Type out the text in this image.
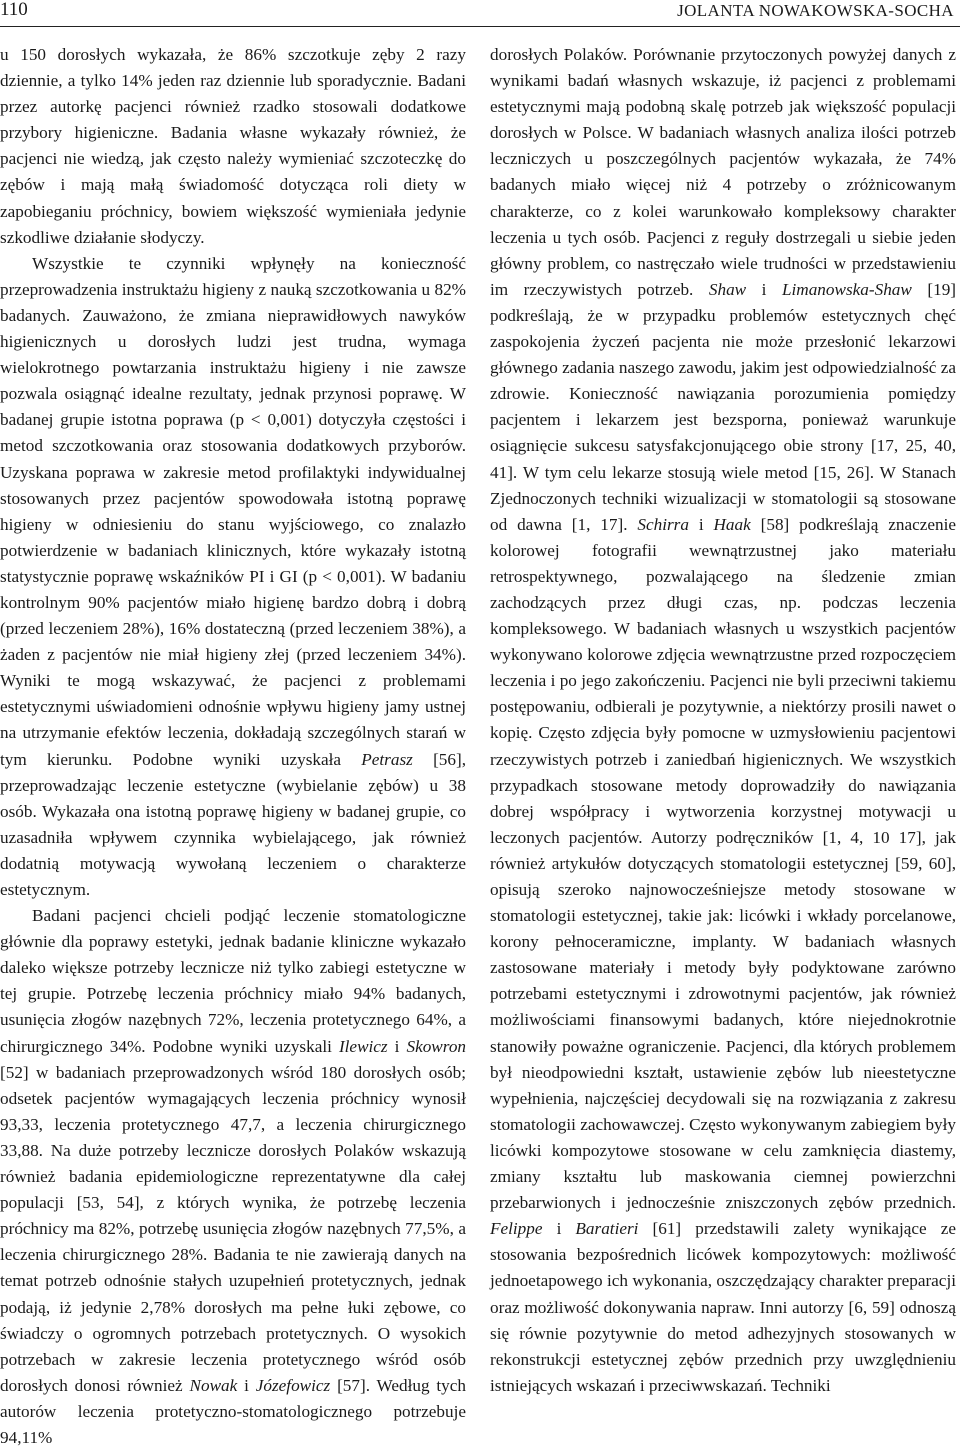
110	JOLANTA NOWAKOWSKA-SOCHA

u 150 dorosłych wykazała, że 86% szczotkuje zęby 2 razy dziennie, a tylko 14% jeden raz dziennie lub sporadycznie. Badani przez autorkę pacjenci również rzadko stosowali dodatkowe przybory higieniczne. Badania własne wykazały również, że pacjenci nie wiedzą, jak często należy wymieniać szczoteczkę do zębów i mają małą świadomość dotycząca roli diety w zapobieganiu próchnicy, bowiem większość wymieniała jedynie szkodliwe działanie słodyczy.

Wszystkie te czynniki wpłynęły na konieczność przeprowadzenia instruktażu higieny z nauką szczotkowania u 82% badanych. Zauważono, że zmiana nieprawidłowych nawyków higienicznych u dorosłych ludzi jest trudna, wymaga wielokrotnego powtarzania instruktażu higieny i nie zawsze pozwala osiągnąć idealne rezultaty, jednak przynosi poprawę. W badanej grupie istotna poprawa (p < 0,001) dotyczyła częstości i metod szczotkowania oraz stosowania dodatkowych przyborów. Uzyskana poprawa w zakresie metod profilaktyki indywidualnej stosowanych przez pacjentów spowodowała istotną poprawę higieny w odniesieniu do stanu wyjściowego, co znalazło potwierdzenie w badaniach klinicznych, które wykazały istotną statystycznie poprawę wskaźników PI i GI (p < 0,001). W badaniu kontrolnym 90% pacjentów miało higienę bardzo dobrą i dobrą (przed leczeniem 28%), 16% dostateczną (przed leczeniem 38%), a żaden z pacjentów nie miał higieny złej (przed leczeniem 34%). Wyniki te mogą wskazywać, że pacjenci z problemami estetycznymi uświadomieni odnośnie wpływu higieny jamy ustnej na utrzymanie efektów leczenia, dokładają szczególnych starań w tym kierunku. Podobne wyniki uzyskała Petrasz [56], przeprowadzając leczenie estetyczne (wybielanie zębów) u 38 osób. Wykazała ona istotną poprawę higieny w badanej grupie, co uzasadniła wpływem czynnika wybielającego, jak również dodatnią motywacją wywołaną leczeniem o charakterze estetycznym.

Badani pacjenci chcieli podjąć leczenie stomatologiczne głównie dla poprawy estetyki, jednak badanie kliniczne wykazało daleko większe potrzeby lecznicze niż tylko zabiegi estetyczne w tej grupie. Potrzebę leczenia próchnicy miało 94% badanych, usunięcia złogów nazębnych 72%, leczenia protetycznego 64%, a chirurgicznego 34%. Podobne wyniki uzyskali Ilewicz i Skowron [52] w badaniach przeprowadzonych wśród 180 dorosłych osób; odsetek pacjentów wymagających leczenia próchnicy wynosił 93,33, leczenia protetycznego 47,7, a leczenia chirurgicznego 33,88. Na duże potrzeby lecznicze dorosłych Polaków wskazują również badania epidemiologiczne reprezentatywne dla całej populacji [53, 54], z których wynika, że potrzebę leczenia próchnicy ma 82%, potrzebę usunięcia złogów nazębnych 77,5%, a leczenia chirurgicznego 28%. Badania te nie zawierają danych na temat potrzeb odnośnie stałych uzupełnień protetycznych, jednak podają, iż jedynie 2,78% dorosłych ma pełne łuki zębowe, co świadczy o ogromnych potrzebach protetycznych. O wysokich potrzebach w zakresie leczenia protetycznego wśród osób dorosłych donosi również Nowak i Józefowicz [57]. Według tych autorów leczenia protetyczno-stomatologicznego potrzebuje 94,11%

dorosłych Polaków. Porównanie przytoczonych powyżej danych z wynikami badań własnych wskazuje, iż pacjenci z problemami estetycznymi mają podobną skalę potrzeb jak większość populacji dorosłych w Polsce. W badaniach własnych analiza ilości potrzeb leczniczych u poszczególnych pacjentów wykazała, że 74% badanych miało więcej niż 4 potrzeby o zróżnicowanym charakterze, co z kolei warunkowało kompleksowy charakter leczenia u tych osób. Pacjenci z reguły dostrzegali u siebie jeden główny problem, co nastręczało wiele trudności w przedstawieniu im rzeczywistych potrzeb. Shaw i Limanowska-Shaw [19] podkreślają, że w przypadku problemów estetycznych chęć zaspokojenia życzeń pacjenta nie może przesłonić lekarzowi głównego zadania naszego zawodu, jakim jest odpowiedzialność za zdrowie. Konieczność nawiązania porozumienia pomiędzy pacjentem i lekarzem jest bezsporna, ponieważ warunkuje osiągnięcie sukcesu satysfakcjonującego obie strony [17, 25, 40, 41]. W tym celu lekarze stosują wiele metod [15, 26]. W Stanach Zjednoczonych techniki wizualizacji w stomatologii są stosowane od dawna [1, 17]. Schirra i Haak [58] podkreślają znaczenie kolorowej fotografii wewnątrzustnej jako materiału retrospektywnego, pozwalającego na śledzenie zmian zachodzących przez długi czas, np. podczas leczenia kompleksowego. W badaniach własnych u wszystkich pacjentów wykonywano kolorowe zdjęcia wewnątrzustne przed rozpoczęciem leczenia i po jego zakończeniu. Pacjenci nie byli przeciwni takiemu postępowaniu, odbierali je pozytywnie, a niektórzy prosili nawet o kopię. Często zdjęcia były pomocne w uzmysłowieniu pacjentowi rzeczywistych potrzeb i zaniedbań higienicznych. We wszystkich przypadkach stosowane metody doprowadziły do nawiązania dobrej współpracy i wytworzenia korzystnej motywacji u leczonych pacjentów. Autorzy podręczników [1, 4, 10 17], jak również artykułów dotyczących stomatologii estetycznej [59, 60], opisują szeroko najnowocześniejsze metody stosowane w stomatologii estetycznej, takie jak: licówki i wkłady porcelanowe, korony pełnoceramiczne, implanty. W badaniach własnych zastosowane materiały i metody były podyktowane zarówno potrzebami estetycznymi i zdrowotnymi pacjentów, jak również możliwościami finansowymi badanych, które niejednokrotnie stanowiły poważne ograniczenie. Pacjenci, dla których problemem był nieodpowiedni kształt, ustawienie zębów lub nieestetyczne wypełnienia, najczęściej decydowali się na rozwiązania z zakresu stomatologii zachowawczej. Często wykonywanym zabiegiem były licówki kompozytowe stosowane w celu zamknięcia diastemy, zmiany kształtu lub maskowania ciemnej powierzchni przebarwionych i jednocześnie zniszczonych zębów przednich. Felippe i Baratieri [61] przedstawili zalety wynikające ze stosowania bezpośrednich licówek kompozytowych: możliwość jednoetapowego ich wykonania, oszczędzający charakter preparacji oraz możliwość dokonywania napraw. Inni autorzy [6, 59] odnoszą się równie pozytywnie do metod adhezyjnych stosowanych w rekonstrukcji estetycznej zębów przednich przy uwzględnieniu istniejących wskazań i przeciwwskazań. Techniki
